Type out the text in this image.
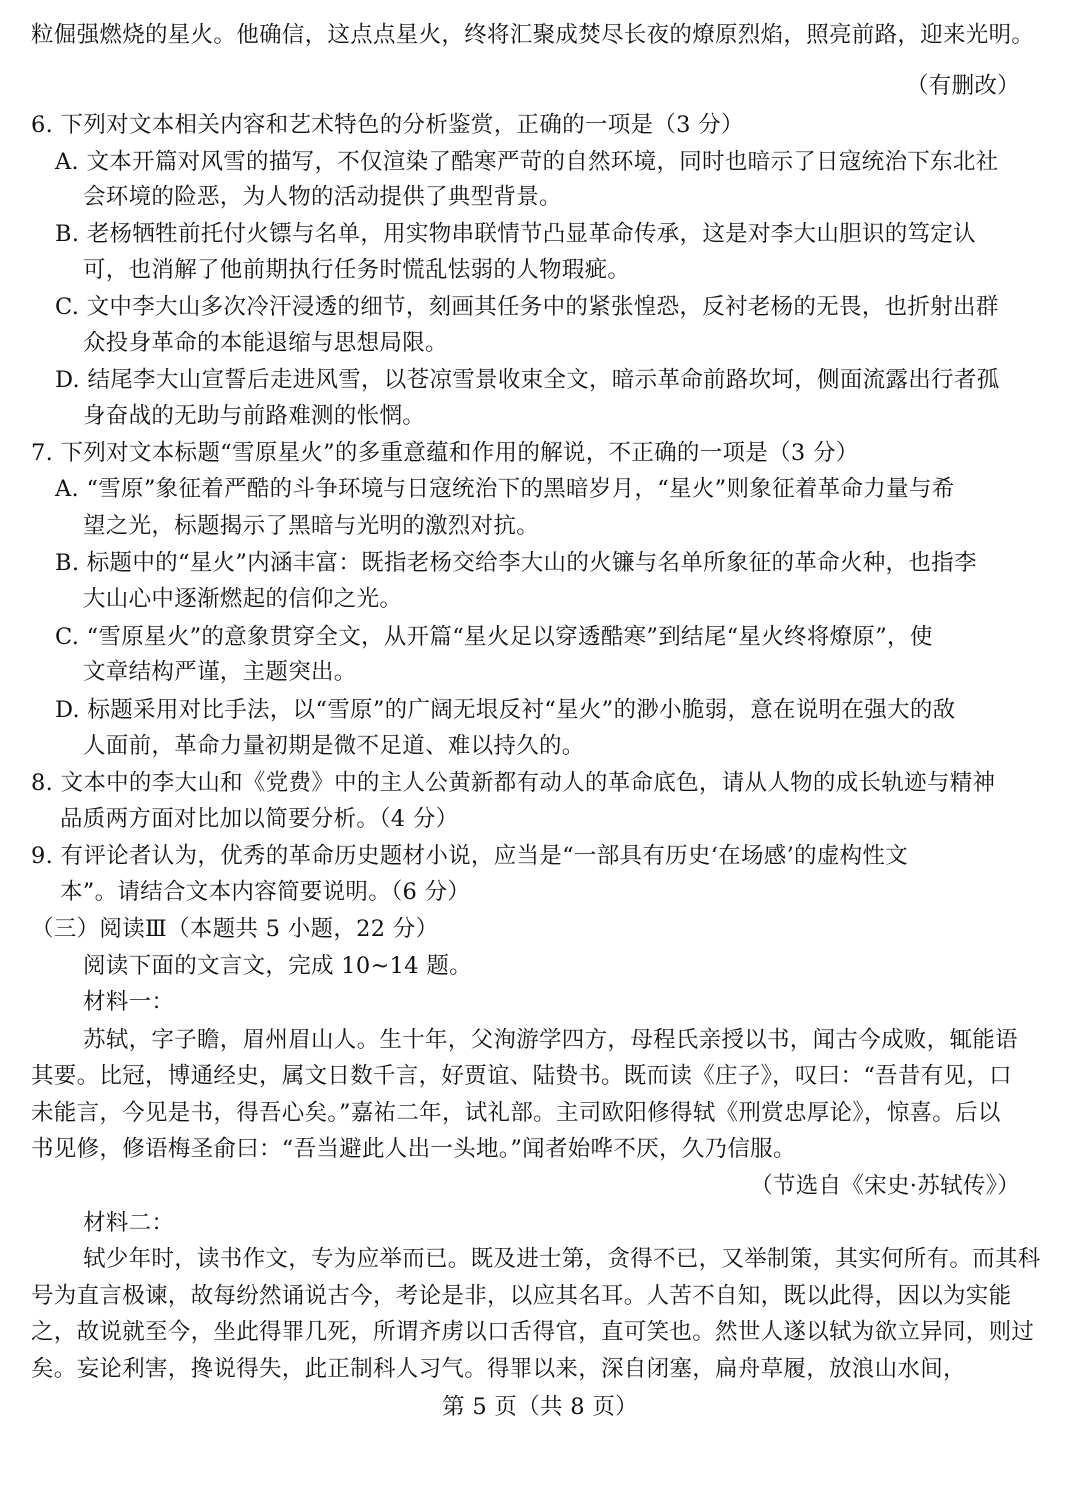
粒倔强燃烧的星火。他确信，这点点星火，终将汇聚成焚尽长夜的燎原烈焰，照亮前路，迎来光明。
（有删改）
6. 下列对文本相关内容和艺术特色的分析鉴赏，正确的一项是（3 分）
A. 文本开篇对风雪的描写，不仅渲染了酷寒严苛的自然环境，同时也暗示了日寇统治下东北社
会环境的险恶，为人物的活动提供了典型背景。
B. 老杨牺牲前托付火镖与名单，用实物串联情节凸显革命传承，这是对李大山胆识的笃定认
可，也消解了他前期执行任务时慌乱怯弱的人物瑕疵。
C. 文中李大山多次冷汗浸透的细节，刻画其任务中的紧张惶恐，反衬老杨的无畏，也折射出群
众投身革命的本能退缩与思想局限。
D. 结尾李大山宣誓后走进风雪，以苍凉雪景收束全文，暗示革命前路坎坷，侧面流露出行者孤
身奋战的无助与前路难测的怅惘。
7. 下列对文本标题“雪原星火”的多重意蕴和作用的解说，不正确的一项是（3 分）
A. “雪原”象征着严酷的斗争环境与日寇统治下的黑暗岁月，“星火”则象征着革命力量与希
望之光，标题揭示了黑暗与光明的激烈对抗。
B. 标题中的“星火”内涵丰富：既指老杨交给李大山的火镰与名单所象征的革命火种，也指李
大山心中逐渐燃起的信仰之光。
C. “雪原星火”的意象贯穿全文，从开篇“星火足以穿透酷寒”到结尾“星火终将燎原”，使
文章结构严谨，主题突出。
D. 标题采用对比手法，以“雪原”的广阔无垠反衬“星火”的渺小脆弱，意在说明在强大的敌
人面前，革命力量初期是微不足道、难以持久的。
8. 文本中的李大山和《党费》中的主人公黄新都有动人的革命底色，请从人物的成长轨迹与精神
品质两方面对比加以简要分析。（4 分）
9. 有评论者认为，优秀的革命历史题材小说，应当是“一部具有历史‘在场感’的虚构性文
本”。请结合文本内容简要说明。（6 分）
（三）阅读Ⅲ（本题共 5 小题，22 分）
阅读下面的文言文，完成 10~14 题。
材料一：
苏轼，字子瞻，眉州眉山人。生十年，父洵游学四方，母程氏亲授以书，闻古今成败，辄能语
其要。比冠，博通经史，属文日数千言，好贾谊、陆贽书。既而读《庄子》，叹曰：“吾昔有见，口
未能言，今见是书，得吾心矣。”嘉祐二年，试礼部。主司欧阳修得轼《刑赏忠厚论》，惊喜。后以
书见修，修语梅圣俞曰：“吾当避此人出一头地。”闻者始哗不厌，久乃信服。
（节选自《宋史·苏轼传》）
材料二：
轼少年时，读书作文，专为应举而已。既及进士第，贪得不已，又举制策，其实何所有。而其科
号为直言极谏，故每纷然诵说古今，考论是非，以应其名耳。人苦不自知，既以此得，因以为实能
之，故说就至今，坐此得罪几死，所谓齐虏以口舌得官，直可笑也。然世人遂以轼为欲立异同，则过
矣。妄论利害，搀说得失，此正制科人习气。得罪以来，深自闭塞，扁舟草履，放浪山水间，
第 5 页（共 8 页）
